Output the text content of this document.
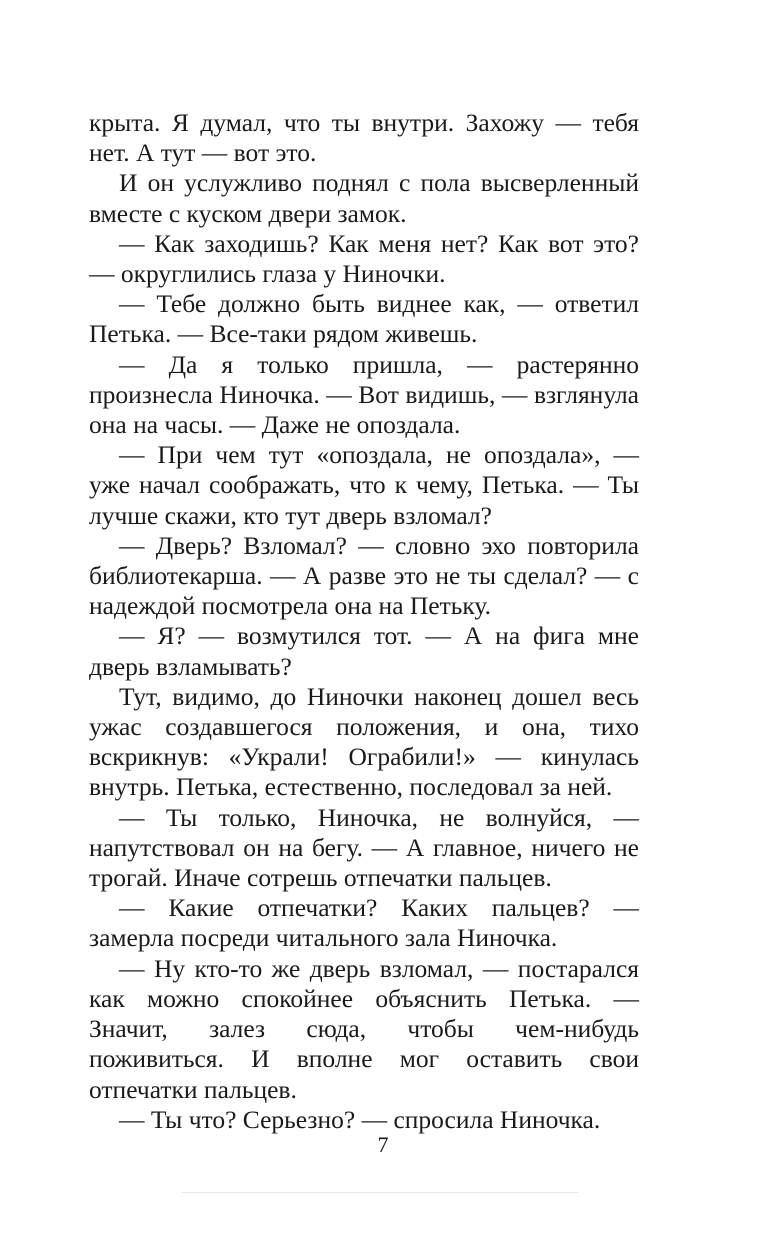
крыта. Я думал, что ты внутри. Захожу — тебя нет. А тут — вот это.

И он услужливо поднял с пола высверленный вместе с куском двери замок.

— Как заходишь? Как меня нет? Как вот это? — округлились глаза у Ниночки.

— Тебе должно быть виднее как, — ответил Петька. — Все-таки рядом живешь.

— Да я только пришла, — растерянно произнесла Ниночка. — Вот видишь, — взглянула она на часы. — Даже не опоздала.

— При чем тут «опоздала, не опоздала», — уже начал соображать, что к чему, Петька. — Ты лучше скажи, кто тут дверь взломал?

— Дверь? Взломал? — словно эхо повторила библиотекарша. — А разве это не ты сделал? — с надеждой посмотрела она на Петьку.

— Я? — возмутился тот. — А на фига мне дверь взламывать?

Тут, видимо, до Ниночки наконец дошел весь ужас создавшегося положения, и она, тихо вскрикнув: «Украли! Ограбили!» — кинулась внутрь. Петька, естественно, последовал за ней.

— Ты только, Ниночка, не волнуйся, — напутствовал он на бегу. — А главное, ничего не трогай. Иначе сотрешь отпечатки пальцев.

— Какие отпечатки? Каких пальцев? — замерла посреди читального зала Ниночка.

— Ну кто-то же дверь взломал, — постарался как можно спокойнее объяснить Петька. — Значит, залез сюда, чтобы чем-нибудь поживиться. И вполне мог оставить свои отпечатки пальцев.

— Ты что? Серьезно? — спросила Ниночка.

7
